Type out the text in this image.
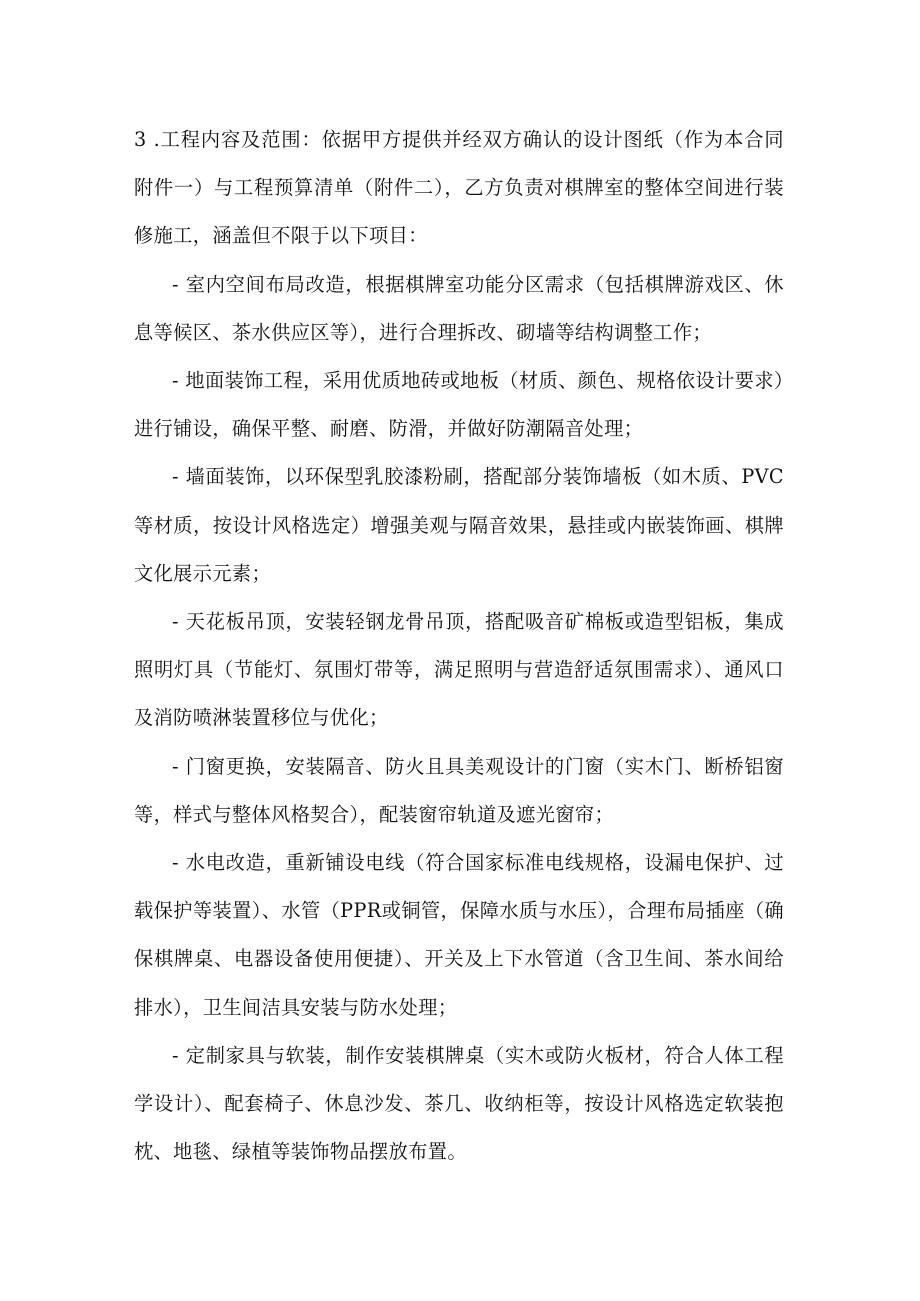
3 .工程内容及范围：依据甲方提供并经双方确认的设计图纸（作为本合同附件一）与工程预算清单（附件二），乙方负责对棋牌室的整体空间进行装修施工，涵盖但不限于以下项目：

- 室内空间布局改造，根据棋牌室功能分区需求（包括棋牌游戏区、休息等候区、茶水供应区等），进行合理拆改、砌墙等结构调整工作；

- 地面装饰工程，采用优质地砖或地板（材质、颜色、规格依设计要求）进行铺设，确保平整、耐磨、防滑，并做好防潮隔音处理；

- 墙面装饰，以环保型乳胶漆粉刷，搭配部分装饰墙板（如木质、PVC等材质，按设计风格选定）增强美观与隔音效果，悬挂或内嵌装饰画、棋牌文化展示元素；

- 天花板吊顶，安装轻钢龙骨吊顶，搭配吸音矿棉板或造型铝板，集成照明灯具（节能灯、氛围灯带等，满足照明与营造舒适氛围需求）、通风口及消防喷淋装置移位与优化；

- 门窗更换，安装隔音、防火且具美观设计的门窗（实木门、断桥铝窗等，样式与整体风格契合），配装窗帘轨道及遮光窗帘；

- 水电改造，重新铺设电线（符合国家标准电线规格，设漏电保护、过载保护等装置）、水管（PPR或铜管，保障水质与水压），合理布局插座（确保棋牌桌、电器设备使用便捷）、开关及上下水管道（含卫生间、茶水间给排水），卫生间洁具安装与防水处理；

- 定制家具与软装，制作安装棋牌桌（实木或防火板材，符合人体工程学设计）、配套椅子、休息沙发、茶几、收纳柜等，按设计风格选定软装抱枕、地毯、绿植等装饰物品摆放布置。
